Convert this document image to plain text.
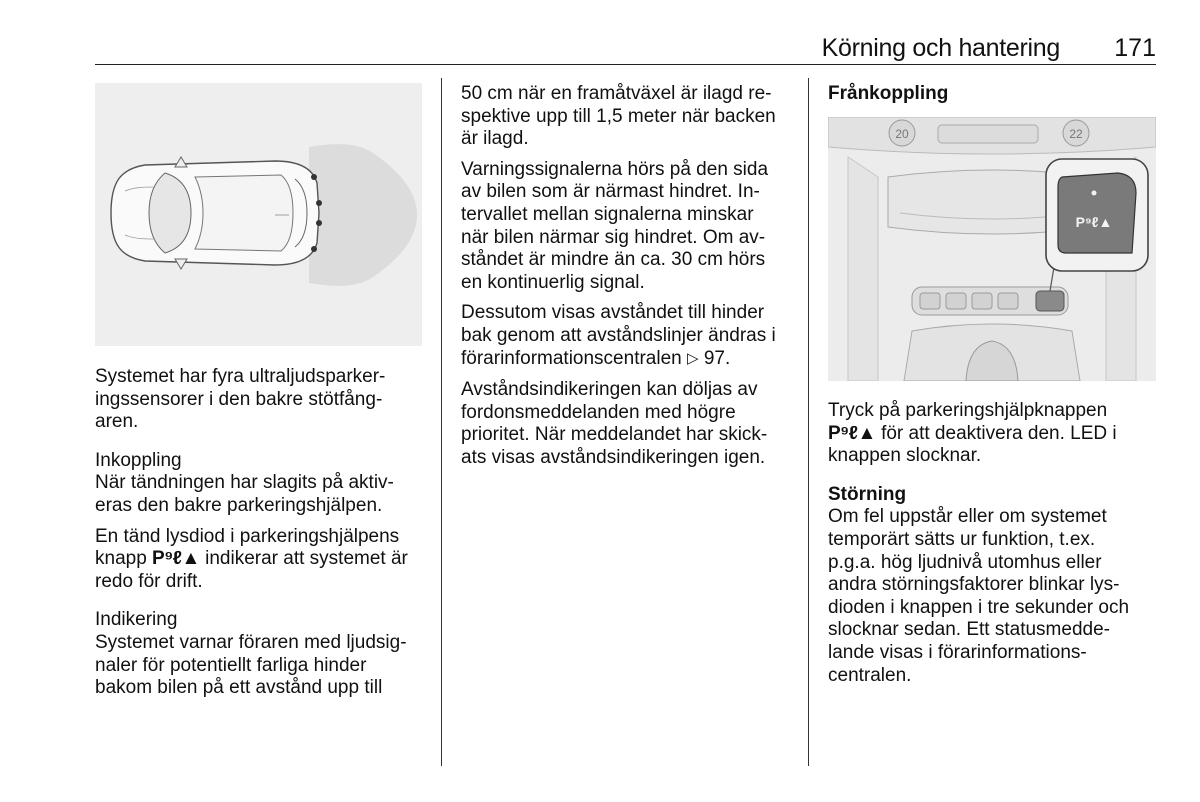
Körning och hantering 171

Systemet har fyra ultraljudsparker-
ingssensorer i den bakre stötfång-
aren.

Inkoppling

När tändningen har slagits på aktiv-
eras den bakre parkeringshjälpen.

En tänd lysdiod i parkeringshjälpens
knapp P⁹ℓ▲ indikerar att systemet är
redo för drift.

Indikering

Systemet varnar föraren med ljudsig-
naler för potentiellt farliga hinder
bakom bilen på ett avstånd upp till

50 cm när en framåtväxel är ilagd re-
spektive upp till 1,5 meter när backen
är ilagd.

Varningssignalerna hörs på den sida
av bilen som är närmast hindret. In-
tervallet mellan signalerna minskar
när bilen närmar sig hindret. Om av-
ståndet är mindre än ca. 30 cm hörs
en kontinuerlig signal.

Dessutom visas avståndet till hinder
bak genom att avståndslinjer ändras i
förarinformationscentralen ▷ 97.

Avståndsindikeringen kan döljas av
fordonsmeddelanden med högre
prioritet. När meddelandet har skick-
ats visas avståndsindikeringen igen.

Frånkoppling
20	22
P⁹ℓ▲

Tryck på parkeringshjälpknappen
P⁹ℓ▲ för att deaktivera den. LED i
knappen slocknar.

Störning

Om fel uppstår eller om systemet
temporärt sätts ur funktion, t.ex.
p.g.a. hög ljudnivå utomhus eller
andra störningsfaktorer blinkar lys-
dioden i knappen i tre sekunder och
slocknar sedan. Ett statusmedde-
lande visas i förarinformations-
centralen.
